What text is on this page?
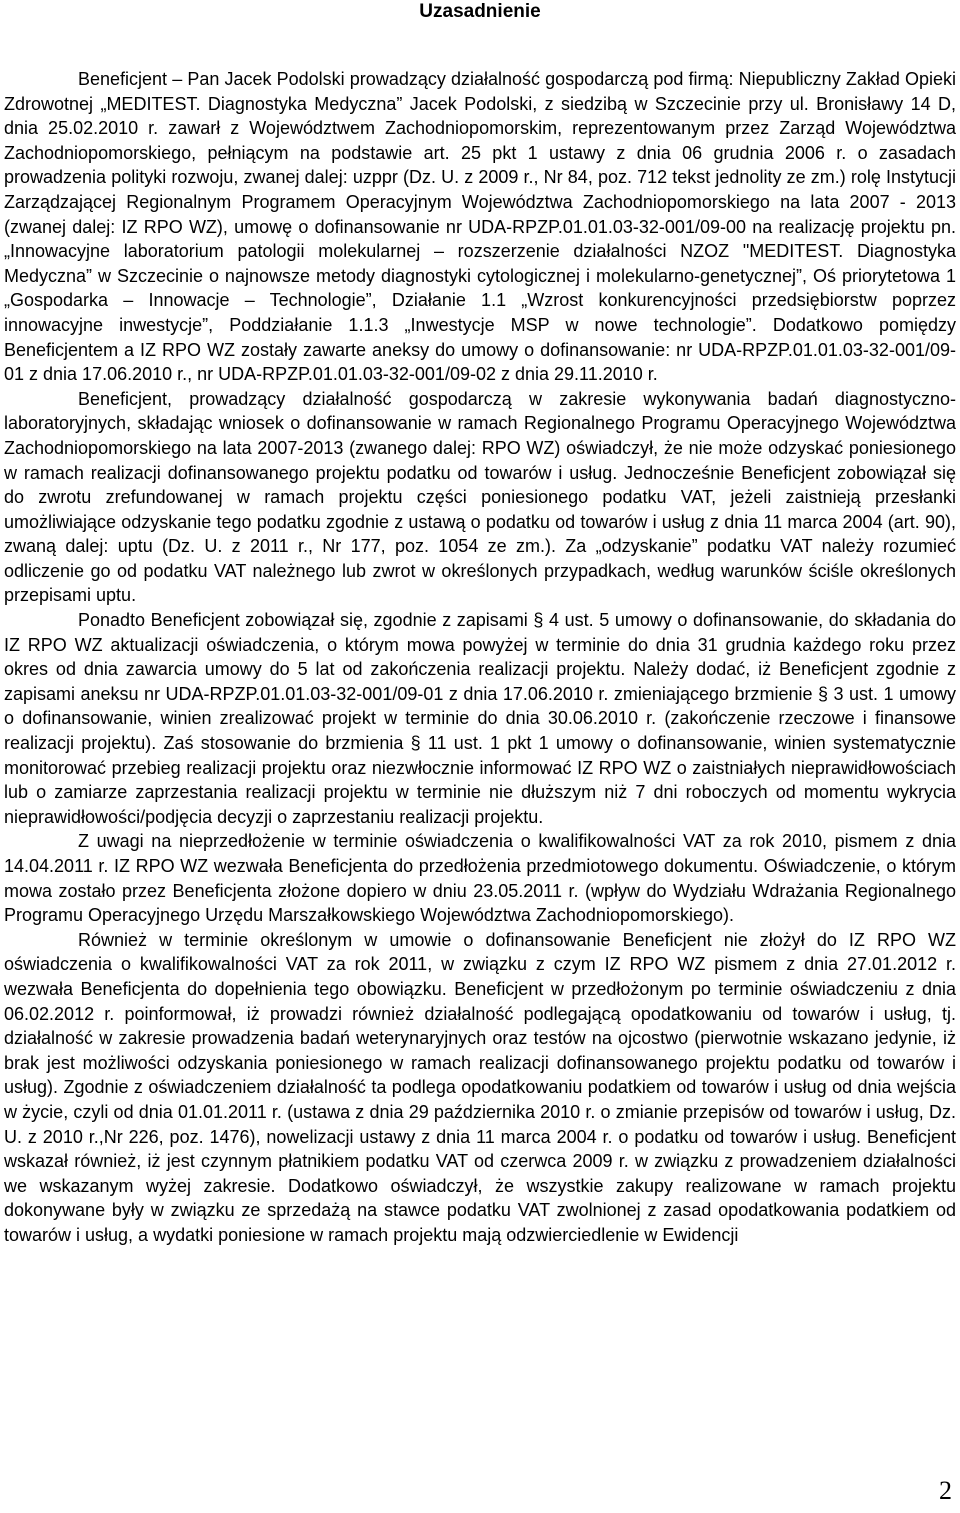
Uzasadnienie

Beneficjent – Pan Jacek Podolski prowadzący działalność gospodarczą pod firmą: Niepubliczny Zakład Opieki Zdrowotnej „MEDITEST. Diagnostyka Medyczna” Jacek Podolski, z siedzibą w Szczecinie przy ul. Bronisławy 14 D, dnia 25.02.2010 r. zawarł z Województwem Zachodniopomorskim, reprezentowanym przez Zarząd Województwa Zachodniopomorskiego, pełniącym na podstawie art. 25 pkt 1 ustawy z dnia 06 grudnia 2006 r. o zasadach prowadzenia polityki rozwoju, zwanej dalej: uzppr (Dz. U. z 2009 r., Nr 84, poz. 712 tekst jednolity ze zm.) rolę Instytucji Zarządzającej Regionalnym Programem Operacyjnym Województwa Zachodniopomorskiego na lata 2007 - 2013 (zwanej dalej: IZ RPO WZ), umowę o dofinansowanie nr UDA-RPZP.01.01.03-32-001/09-00 na realizację projektu pn. „Innowacyjne laboratorium patologii molekularnej – rozszerzenie działalności NZOZ "MEDITEST. Diagnostyka Medyczna” w Szczecinie o najnowsze metody diagnostyki cytologicznej i molekularno-genetycznej”, Oś priorytetowa 1 „Gospodarka – Innowacje – Technologie”, Działanie 1.1 „Wzrost konkurencyjności przedsiębiorstw poprzez innowacyjne inwestycje”, Poddziałanie 1.1.3 „Inwestycje MSP w nowe technologie”. Dodatkowo pomiędzy Beneficjentem a IZ RPO WZ zostały zawarte aneksy do umowy o dofinansowanie: nr UDA-RPZP.01.01.03-32-001/09-01 z dnia 17.06.2010 r., nr UDA-RPZP.01.01.03-32-001/09-02 z dnia 29.11.2010 r.

Beneficjent, prowadzący działalność gospodarczą w zakresie wykonywania badań diagnostyczno-laboratoryjnych, składając wniosek o dofinansowanie w ramach Regionalnego Programu Operacyjnego Województwa Zachodniopomorskiego na lata 2007-2013 (zwanego dalej: RPO WZ) oświadczył, że nie może odzyskać poniesionego w ramach realizacji dofinansowanego projektu podatku od towarów i usług. Jednocześnie Beneficjent zobowiązał się do zwrotu zrefundowanej w ramach projektu części poniesionego podatku VAT, jeżeli zaistnieją przesłanki umożliwiające odzyskanie tego podatku zgodnie z ustawą o podatku od towarów i usług z dnia 11 marca 2004 (art. 90), zwaną dalej: uptu (Dz. U. z 2011 r., Nr 177, poz. 1054 ze zm.). Za „odzyskanie” podatku VAT należy rozumieć odliczenie go od podatku VAT należnego lub zwrot w określonych przypadkach, według warunków ściśle określonych przepisami uptu.

Ponadto Beneficjent zobowiązał się, zgodnie z zapisami § 4 ust. 5 umowy o dofinansowanie, do składania do IZ RPO WZ aktualizacji oświadczenia, o którym mowa powyżej w terminie do dnia 31 grudnia każdego roku przez okres od dnia zawarcia umowy do 5 lat od zakończenia realizacji projektu. Należy dodać, iż Beneficjent zgodnie z zapisami aneksu nr UDA-RPZP.01.01.03-32-001/09-01 z dnia 17.06.2010 r. zmieniającego brzmienie § 3 ust. 1 umowy o dofinansowanie, winien zrealizować projekt w terminie do dnia 30.06.2010 r. (zakończenie rzeczowe i finansowe realizacji projektu). Zaś stosowanie do brzmienia § 11 ust. 1 pkt 1 umowy o dofinansowanie, winien systematycznie monitorować przebieg realizacji projektu oraz niezwłocznie informować IZ RPO WZ o zaistniałych nieprawidłowościach lub o zamiarze zaprzestania realizacji projektu w terminie nie dłuższym niż 7 dni roboczych od momentu wykrycia nieprawidłowości/podjęcia decyzji o zaprzestaniu realizacji projektu.

Z uwagi na nieprzedłożenie w terminie oświadczenia o kwalifikowalności VAT za rok 2010, pismem z dnia 14.04.2011 r. IZ RPO WZ wezwała Beneficjenta do przedłożenia przedmiotowego dokumentu. Oświadczenie, o którym mowa zostało przez Beneficjenta złożone dopiero w dniu 23.05.2011 r. (wpływ do Wydziału Wdrażania Regionalnego Programu Operacyjnego Urzędu Marszałkowskiego Województwa Zachodniopomorskiego).

Również w terminie określonym w umowie o dofinansowanie Beneficjent nie złożył do IZ RPO WZ oświadczenia o kwalifikowalności VAT za rok 2011, w związku z czym IZ RPO WZ pismem z dnia 27.01.2012 r. wezwała Beneficjenta do dopełnienia tego obowiązku. Beneficjent w przedłożonym po terminie oświadczeniu z dnia 06.02.2012 r. poinformował, iż prowadzi również działalność podlegającą opodatkowaniu od towarów i usług, tj. działalność w zakresie prowadzenia badań weterynaryjnych oraz testów na ojcostwo (pierwotnie wskazano jedynie, iż brak jest możliwości odzyskania poniesionego w ramach realizacji dofinansowanego projektu podatku od towarów i usług). Zgodnie z oświadczeniem działalność ta podlega opodatkowaniu podatkiem od towarów i usług od dnia wejścia w życie, czyli od dnia 01.01.2011 r. (ustawa z dnia 29 października 2010 r. o zmianie przepisów od towarów i usług, Dz. U. z 2010 r.,Nr 226, poz. 1476), nowelizacji ustawy z dnia 11 marca 2004 r. o podatku od towarów i usług. Beneficjent wskazał również, iż jest czynnym płatnikiem podatku VAT od czerwca 2009 r. w związku z prowadzeniem działalności we wskazanym wyżej zakresie. Dodatkowo oświadczył, że wszystkie zakupy realizowane w ramach projektu dokonywane były w związku ze sprzedażą na stawce podatku VAT zwolnionej z zasad opodatkowania podatkiem od towarów i usług, a wydatki poniesione w ramach projektu mają odzwierciedlenie w Ewidencji

2
